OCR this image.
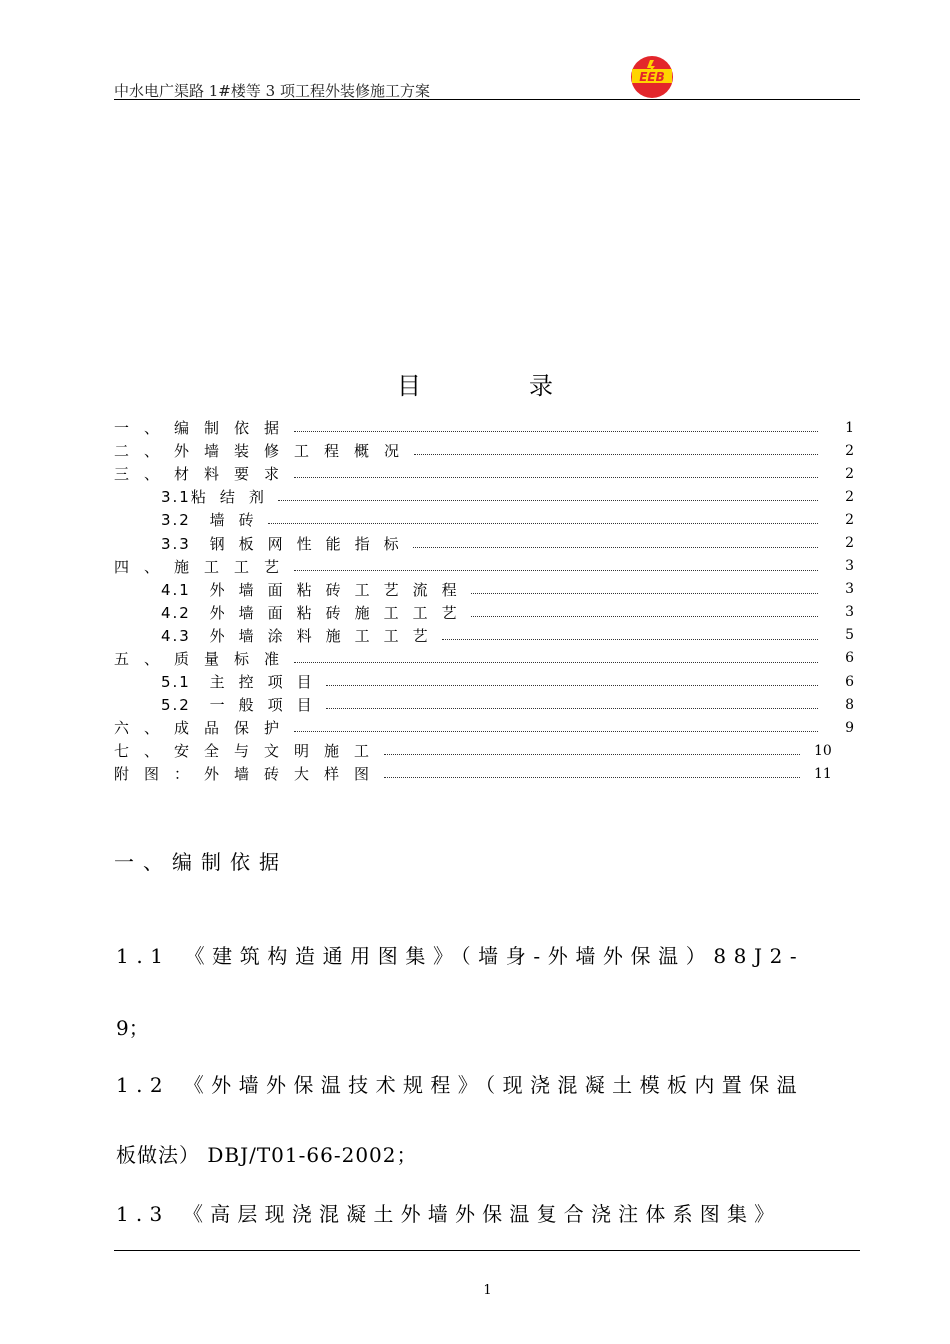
中水电广渠路 1#楼等 3 项工程外装修施工方案
EEB
目录
一、编制依据	1
二、外墙装修工程概况	2
三、材料要求	2
3.1粘结剂	2
3.2 墙砖	2
3.3 钢板网性能指标	2
四、施工工艺	3
4.1 外墙面粘砖工艺流程	3
4.2 外墙面粘砖施工工艺	3
4.3 外墙涂料施工工艺	5
五、质量标准	6
5.1 主控项目	6
5.2 一般项目	8
六、成品保护	9
七、安全与文明施工	10
附图：外墙砖大样图	11
一、编制依据
1.1 《建筑构造通用图集》（墙身-外墙外保温）88J2-
9；
1.2 《外墙外保温技术规程》（现浇混凝土模板内置保温
板做法） DBJ/T01-66-2002；
1.3 《高层现浇混凝土外墙外保温复合浇注体系图集》
1
